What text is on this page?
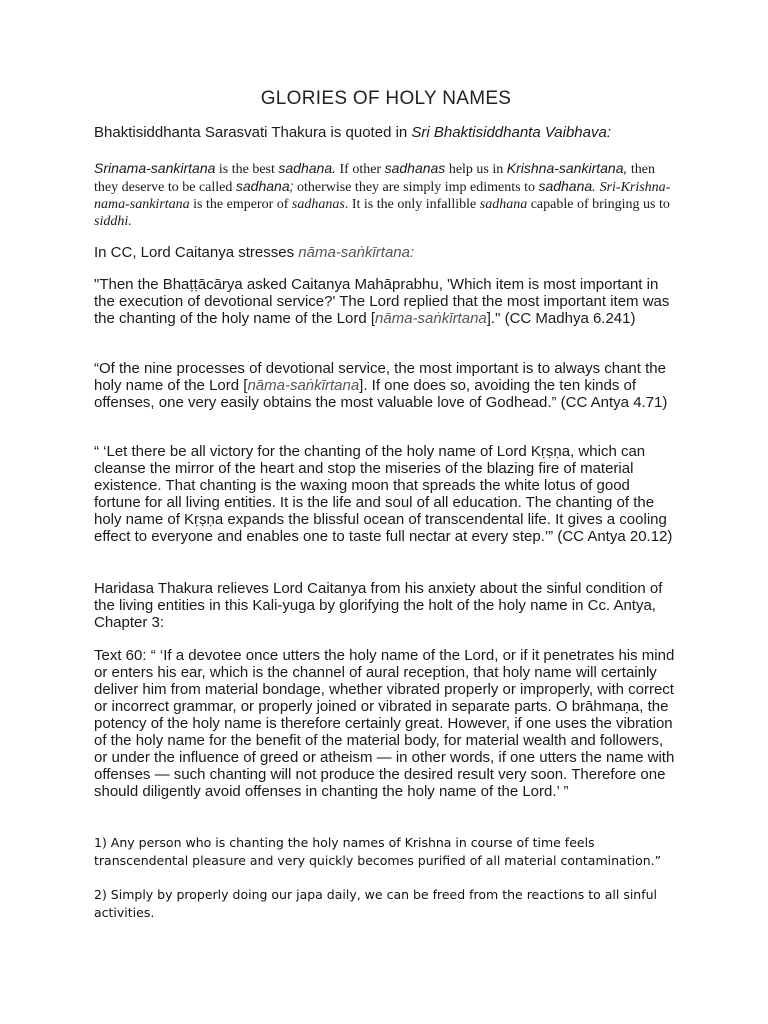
GLORIES OF HOLY NAMES

Bhaktisiddhanta Sarasvati Thakura is quoted in Sri Bhaktisiddhanta Vaibhava:

Srinama-sankirtana is the best sadhana. If other sadhanas help us in Krishna-sankirtana, then they deserve to be called sadhana; otherwise they are simply imp ediments to sadhana. Sri-Krishna-nama-sankirtana is the emperor of sadhanas. It is the only infallible sadhana capable of bringing us to siddhi.

In CC, Lord Caitanya stresses nāma-saṅkīrtana:

"Then the Bhaṭṭācārya asked Caitanya Mahāprabhu, 'Which item is most important in the execution of devotional service?' The Lord replied that the most important item was the chanting of the holy name of the Lord [nāma-saṅkīrtana]." (CC Madhya 6.241)

“Of the nine processes of devotional service, the most important is to always chant the holy name of the Lord [nāma-saṅkīrtana]. If one does so, avoiding the ten kinds of offenses, one very easily obtains the most valuable love of Godhead.” (CC Antya 4.71)

“ ‘Let there be all victory for the chanting of the holy name of Lord Kṛṣṇa, which can cleanse the mirror of the heart and stop the miseries of the blazing fire of material existence. That chanting is the waxing moon that spreads the white lotus of good fortune for all living entities. It is the life and soul of all education. The chanting of the holy name of Kṛṣṇa expands the blissful ocean of transcendental life. It gives a cooling effect to everyone and enables one to taste full nectar at every step.’” (CC Antya 20.12)

Haridasa Thakura relieves Lord Caitanya from his anxiety about the sinful condition of the living entities in this Kali-yuga by glorifying the holt of the holy name in Cc. Antya, Chapter 3:

Text 60: “ ‘If a devotee once utters the holy name of the Lord, or if it penetrates his mind or enters his ear, which is the channel of aural reception, that holy name will certainly deliver him from material bondage, whether vibrated properly or improperly, with correct or incorrect grammar, or properly joined or vibrated in separate parts. O brāhmaṇa, the potency of the holy name is therefore certainly great. However, if one uses the vibration of the holy name for the benefit of the material body, for material wealth and followers, or under the influence of greed or atheism — in other words, if one utters the name with offenses — such chanting will not produce the desired result very soon. Therefore one should diligently avoid offenses in chanting the holy name of the Lord.’ ”

1) Any person who is chanting the holy names of Krishna in course of time feels transcendental pleasure and very quickly becomes purified of all material contamination.”

2) Simply by properly doing our japa daily, we can be freed from the reactions to all sinful activities.
